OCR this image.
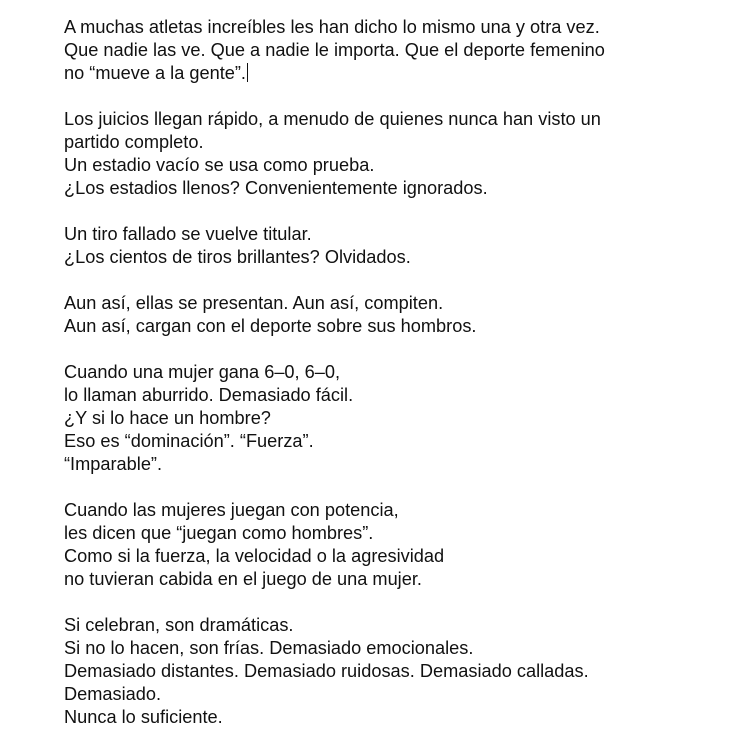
A muchas atletas increíbles les han dicho lo mismo una y otra vez.
Que nadie las ve. Que a nadie le importa. Que el deporte femenino
no “mueve a la gente”.
Los juicios llegan rápido, a menudo de quienes nunca han visto un
partido completo.
Un estadio vacío se usa como prueba.
¿Los estadios llenos? Convenientemente ignorados.
Un tiro fallado se vuelve titular.
¿Los cientos de tiros brillantes? Olvidados.
Aun así, ellas se presentan. Aun así, compiten.
Aun así, cargan con el deporte sobre sus hombros.
Cuando una mujer gana 6–0, 6–0,
lo llaman aburrido. Demasiado fácil.
¿Y si lo hace un hombre?
Eso es “dominación”. “Fuerza”.
“Imparable”.
Cuando las mujeres juegan con potencia,
les dicen que “juegan como hombres”.
Como si la fuerza, la velocidad o la agresividad
no tuvieran cabida en el juego de una mujer.
Si celebran, son dramáticas.
Si no lo hacen, son frías. Demasiado emocionales.
Demasiado distantes. Demasiado ruidosas. Demasiado calladas.
Demasiado.
Nunca lo suficiente.
